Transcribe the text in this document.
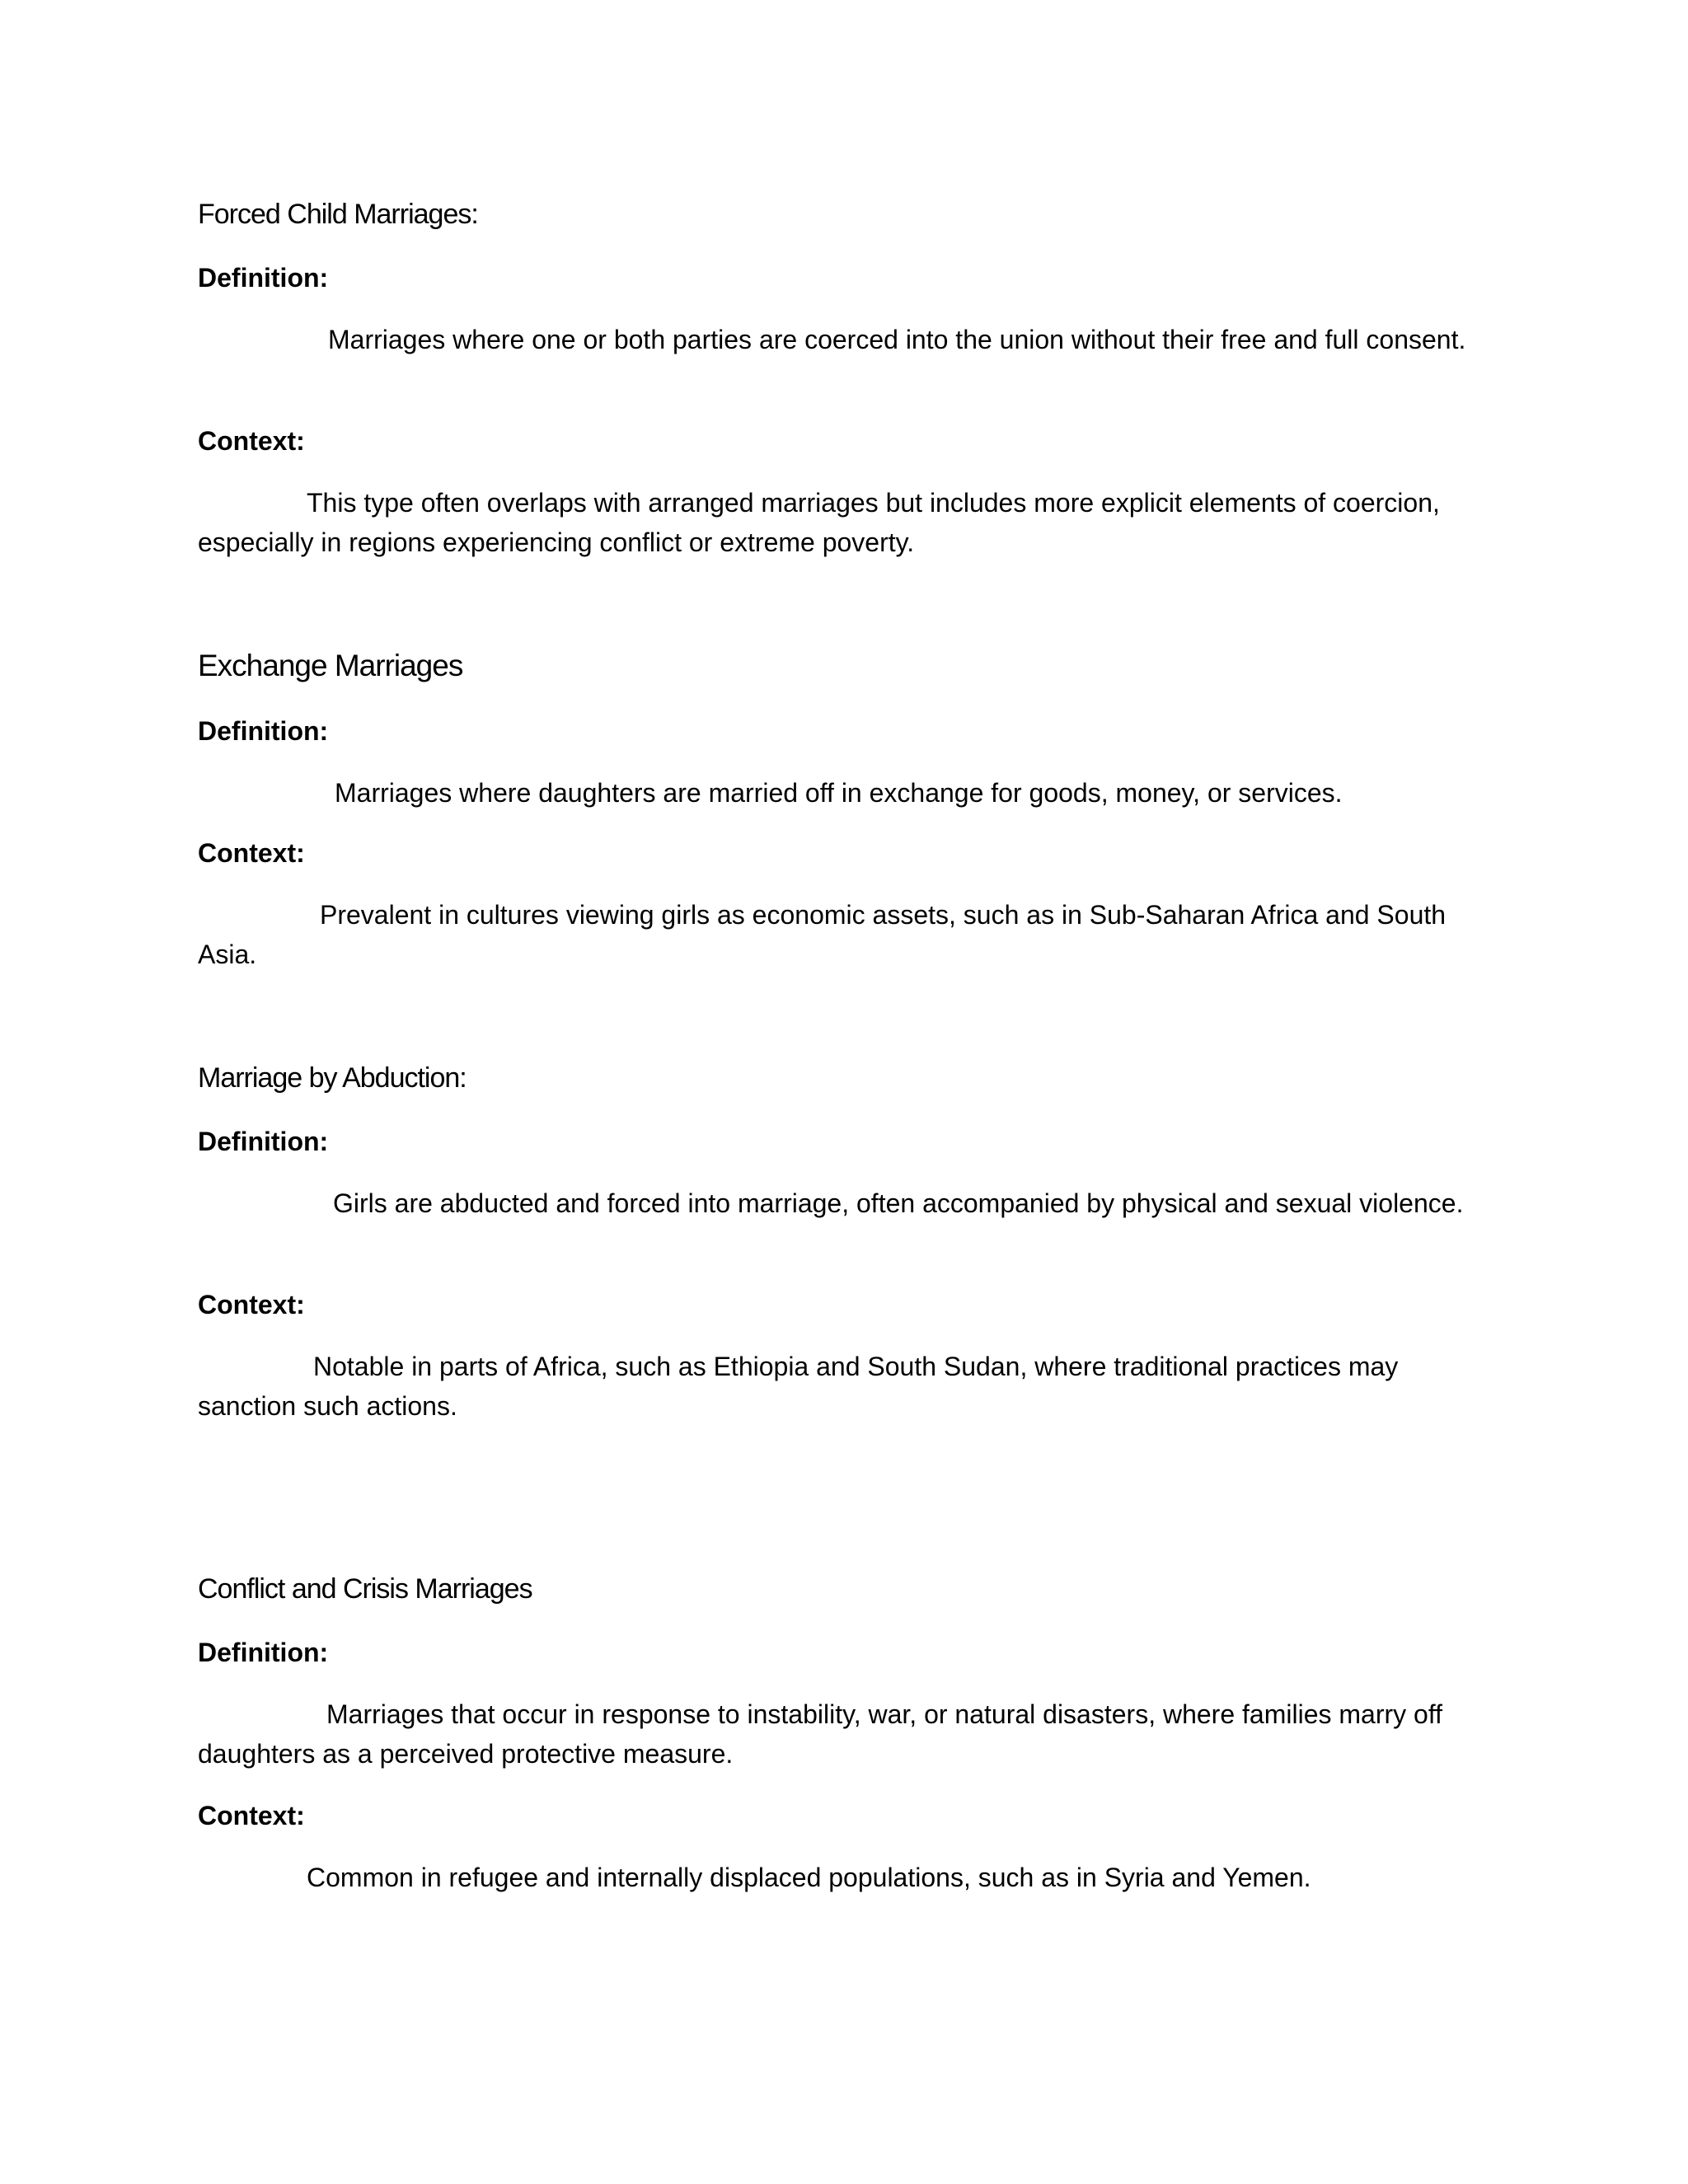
Forced Child Marriages:
Definition:

Marriages where one or both parties are coerced into the union without their free and full consent.

Context:

This type often overlaps with arranged marriages but includes more explicit elements of coercion, especially in regions experiencing conflict or extreme poverty.

Exchange Marriages
Definition:

Marriages where daughters are married off in exchange for goods, money, or services.

Context:

Prevalent in cultures viewing girls as economic assets, such as in Sub-Saharan Africa and South Asia.

Marriage by Abduction:
Definition:

Girls are abducted and forced into marriage, often accompanied by physical and sexual violence.

Context:

Notable in parts of Africa, such as Ethiopia and South Sudan, where traditional practices may sanction such actions.

Conflict and Crisis Marriages
Definition:

Marriages that occur in response to instability, war, or natural disasters, where families marry off daughters as a perceived protective measure.

Context:

Common in refugee and internally displaced populations, such as in Syria and Yemen.
